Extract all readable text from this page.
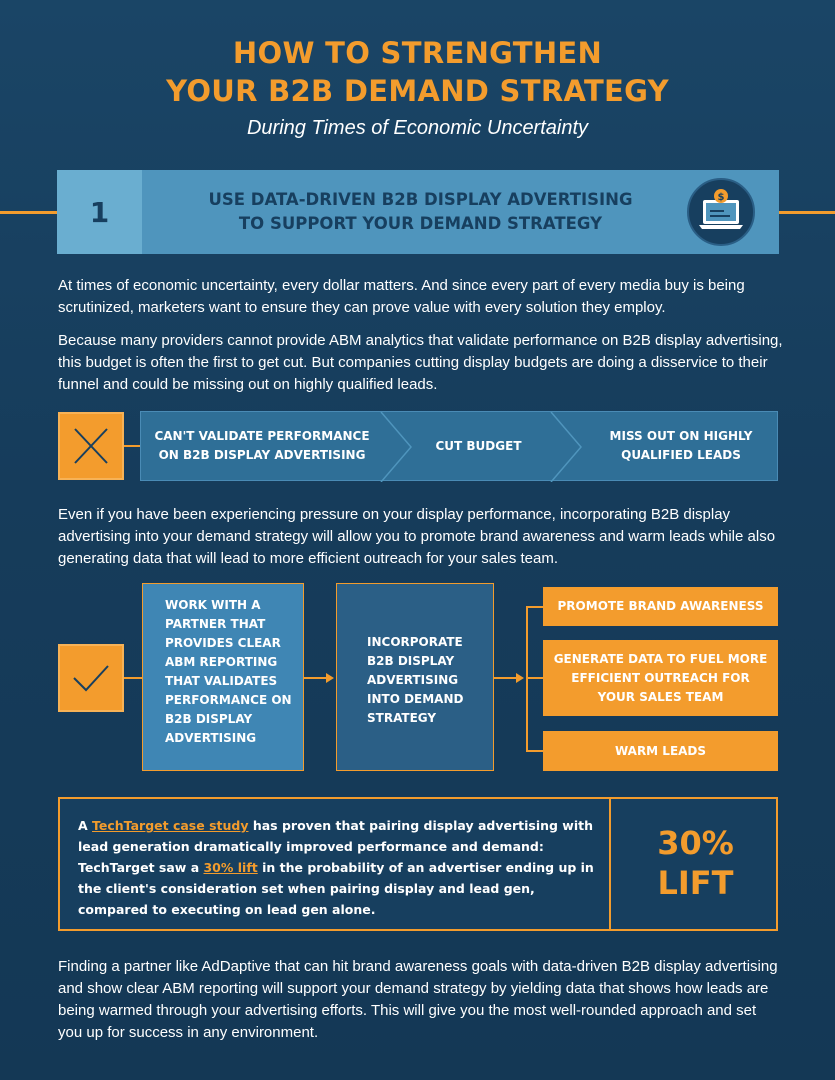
HOW TO STRENGTHEN
YOUR B2B DEMAND STRATEGY
During Times of Economic Uncertainty
1	USE DATA-DRIVEN B2B DISPLAY ADVERTISING
TO SUPPORT YOUR DEMAND STRATEGY
$
At times of economic uncertainty, every dollar matters. And since every part of every media buy is being scrutinized, marketers want to ensure they can prove value with every solution they employ.
Because many providers cannot provide ABM analytics that validate performance on B2B display advertising, this budget is often the first to get cut. But companies cutting display budgets are doing a disservice to their funnel and could be missing out on highly qualified leads.
CAN'T VALIDATE PERFORMANCE ON B2B DISPLAY ADVERTISING
CUT BUDGET
MISS OUT ON HIGHLY QUALIFIED LEADS
Even if you have been experiencing pressure on your display performance, incorporating B2B display advertising into your demand strategy will allow you to promote brand awareness and warm leads while also generating data that will lead to more efficient outreach for your sales team.
WORK WITH A PARTNER THAT PROVIDES CLEAR ABM REPORTING THAT VALIDATES PERFORMANCE ON B2B DISPLAY ADVERTISING
INCORPORATE B2B DISPLAY ADVERTISING INTO DEMAND STRATEGY
PROMOTE BRAND AWARENESS
GENERATE DATA TO FUEL MORE EFFICIENT OUTREACH FOR YOUR SALES TEAM
WARM LEADS
A TechTarget case study has proven that pairing display advertising with lead generation dramatically improved performance and demand: TechTarget saw a 30% lift in the probability of an advertiser ending up in the client's consideration set when pairing display and lead gen, compared to executing on lead gen alone.
30%
LIFT
Finding a partner like AdDaptive that can hit brand awareness goals with data-driven B2B display advertising and show clear ABM reporting will support your demand strategy by yielding data that shows how leads are being warmed through your advertising efforts. This will give you the most well-rounded approach and set you up for success in any environment.
